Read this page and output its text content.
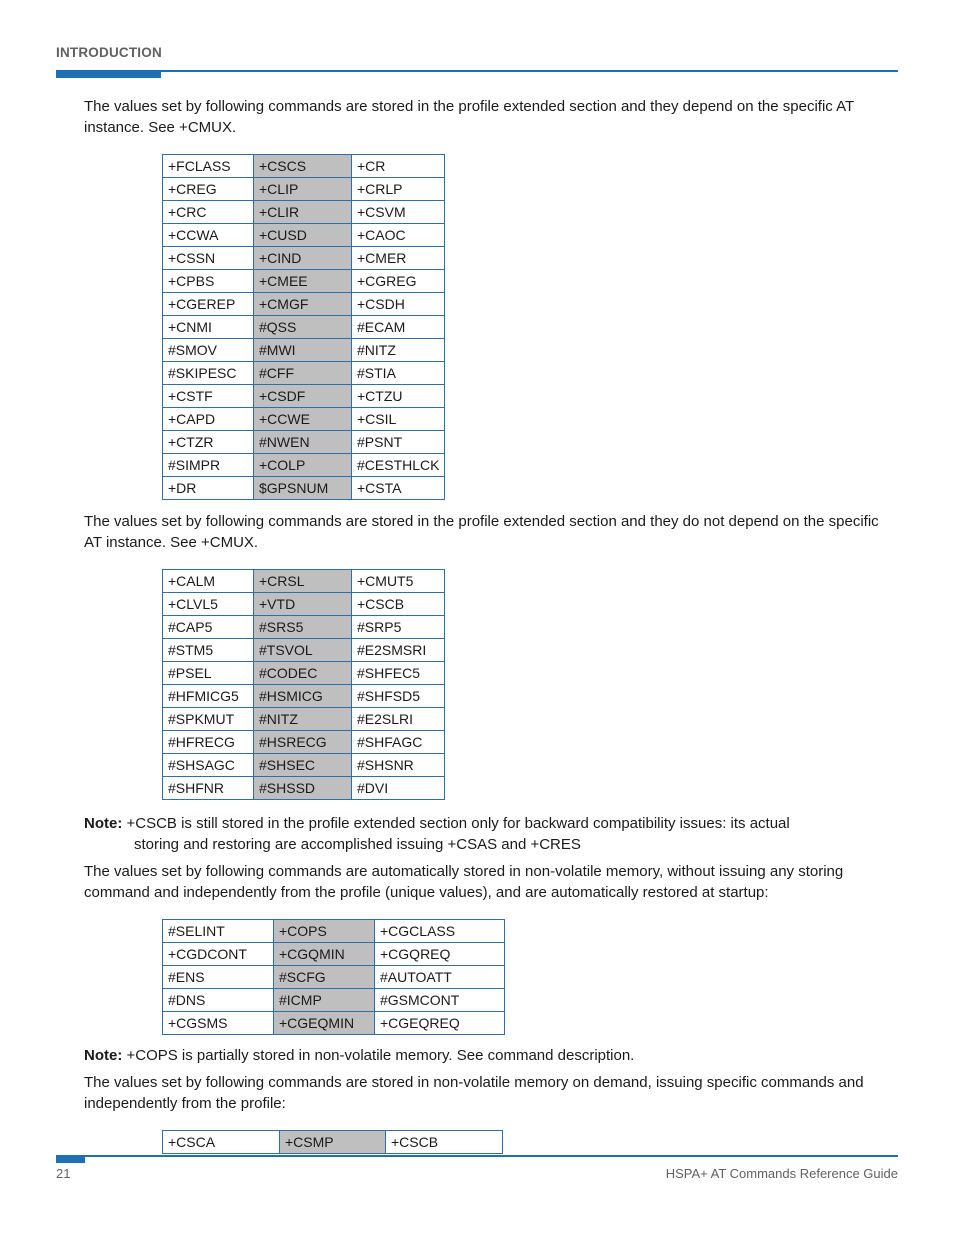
INTRODUCTION

The values set by following commands are stored in the profile extended section and they depend on the specific AT instance. See +CMUX.

+FCLASS	+CSCS	+CR
+CREG	+CLIP	+CRLP
+CRC	+CLIR	+CSVM
+CCWA	+CUSD	+CAOC
+CSSN	+CIND	+CMER
+CPBS	+CMEE	+CGREG
+CGEREP	+CMGF	+CSDH
+CNMI	#QSS	#ECAM
#SMOV	#MWI	#NITZ
#SKIPESC	#CFF	#STIA
+CSTF	+CSDF	+CTZU
+CAPD	+CCWE	+CSIL
+CTZR	#NWEN	#PSNT
#SIMPR	+COLP	#CESTHLCK
+DR	$GPSNUM	+CSTA

The values set by following commands are stored in the profile extended section and they do not depend on the specific AT instance. See +CMUX.

+CALM	+CRSL	+CMUT5
+CLVL5	+VTD	+CSCB
#CAP5	#SRS5	#SRP5
#STM5	#TSVOL	#E2SMSRI
#PSEL	#CODEC	#SHFEC5
#HFMICG5	#HSMICG	#SHFSD5
#SPKMUT	#NITZ	#E2SLRI
#HFRECG	#HSRECG	#SHFAGC
#SHSAGC	#SHSEC	#SHSNR
#SHFNR	#SHSSD	#DVI

Note: +CSCB is still stored in the profile extended section only for backward compatibility issues: its actual
storing and restoring are accomplished issuing +CSAS and +CRES

The values set by following commands are automatically stored in non-volatile memory, without issuing any storing command and independently from the profile (unique values), and are automatically restored at startup:

#SELINT	+COPS	+CGCLASS
+CGDCONT	+CGQMIN	+CGQREQ
#ENS	#SCFG	#AUTOATT
#DNS	#ICMP	#GSMCONT
+CGSMS	+CGEQMIN	+CGEQREQ

Note: +COPS is partially stored in non-volatile memory. See command description.

The values set by following commands are stored in non-volatile memory on demand, issuing specific commands and independently from the profile:

+CSCA	+CSMP	+CSCB
21	HSPA+ AT Commands Reference Guide
